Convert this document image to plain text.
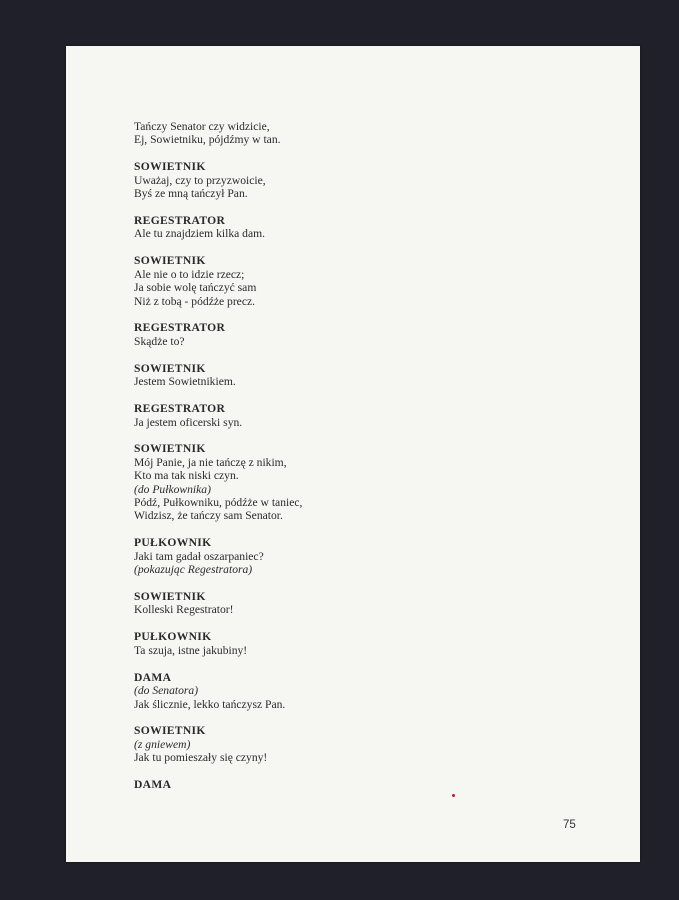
Tańczy Senator czy widzicie,
Ej, Sowietniku, pójdźmy w tan.
SOWIETNIK
Uważaj, czy to przyzwoicie,
Byś ze mną tańczył Pan.
REGESTRATOR
Ale tu znajdziem kilka dam.
SOWIETNIK
Ale nie o to idzie rzecz;
Ja sobie wolę tańczyć sam
Niż z tobą - pódźże precz.
REGESTRATOR
Skądże to?
SOWIETNIK
Jestem Sowietnikiem.
REGESTRATOR
Ja jestem oficerski syn.
SOWIETNIK
Mój Panie, ja nie tańczę z nikim,
Kto ma tak niski czyn.
(do Pułkownika)
Pódź, Pułkowniku, pódźże w taniec,
Widzisz, że tańczy sam Senator.
PUŁKOWNIK
Jaki tam gadał oszarpaniec?
(pokazując Regestratora)
SOWIETNIK
Kolleski Regestrator!
PUŁKOWNIK
Ta szuja, istne jakubiny!
DAMA
(do Senatora)
Jak ślicznie, lekko tańczysz Pan.
SOWIETNIK
(z gniewem)
Jak tu pomieszały się czyny!
DAMA
75
